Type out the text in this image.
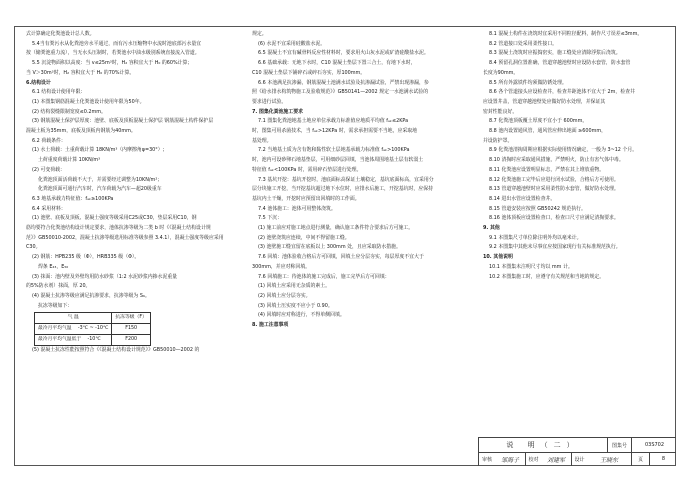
式计算确定化粪池设计总人数。

5.4当有粪污水从化粪池旁水平通过，而有污水压缩物中水流时池底部污水量宜

按（储粪池重力流），当无水头压制时，若粪池水中油水级别系统直接流入管道。

5.5 沉淀物面积以高度：当 v≤25m³时，H₂ 容积宜大于 H₀ 的60%计算；

当 V＞30m³时，H₂ 容积宜大于 H₀ 的70%计算。

6.结构设计

6.1 结构设计使用年限：

(1) 本图集钢筋混凝土化粪池设计使用年限为50年。

(2) 结构裂缝限制宽度≤0.2mm。

(3) 钢筋混凝土保护层厚度：池壁、底板及顶板混凝土保护层 钢筋混凝土构件保护层

混凝土板为35mm，底板及顶板内钢筋为40mm。

6.2 荷载条件：

(1) 水土荷载：土重荷载计算 18KN/m³（内摩擦角φ=30°）;

土荷重度荷载计算 10KN/m³

(2) 可变荷载：

化粪池顶面活荷载不大于，并需要经过调整为10KN/m²；

化粪池顶面可通行汽车时，汽车荷载为汽车—超20级重车

6.3 地基承载力特征值：fₐₖ≥100KPa

6.4 采用材料：

(1) 池壁、底板及顶板、混凝土强度等级采用C25或C30，垫层采用C10，钢

筋均要符合化粪池结构设计规定要求，池体抗渗等级为二类 b 时《《混凝土结构设计规

范》》GB50010-2002，混凝土抗渗等级选用标准等级参照 3.4.1），混凝土强度等级应采用

C30。

(2) 钢筋：HPB235 级（Φ），HRB335 级（Φ）。

焊条 E₄₃，E₅₀

(3) 抹面：池内壁及外壁均用防水砂浆（1:2 水泥砂浆内掺水泥重量

的5%防水剂）抹面，厚 20。

(4) 混凝土抗渗等级应满足抗渗要求，抗渗等级为 S₆。

抗冻等级如下：

气 温	抗冻等级（F）
最冷月平均气温 　-3℃ ~ -10℃	F150
最冷月平均气温低于 　-10℃	F200

(5) 混凝土抗冻性能按照符合《《混凝土结构设计规范》》GB50010—2002 的

规定。

(6) 水泥不宜采用硅酸盐水泥。

6.5 混凝土不宜有碱骨料反应性材料时，要求用火山灰水泥或矿渣硅酸盐水泥。

6.6 基础承载：无地下水时，C10 混凝土垫层下置三合土，有地下水时，

C10 混凝土垫层下铺碎石或碎石夯实，厚100mm。

6.6 本池满足抗渗漏，钢筋混凝土池满水试验及抗渗漏试验，严禁出现渗漏，参

照《给水排水构筑物施工及验收规范》》GB50141—2002 规定一水池满水试验的

要求进行试验。

7. 图集化粪池施工要求

7.1 图集化粪池地基土地应单位承载力标准值应地质平均值 fₐₖ≤2KPa

时，图集可用杀菌技术，当 fₐₖ>12KPa 时，需求承担需要不当地，应采取地

基处理。

7.2 当地基土质为含有饱和黏性软土层地基承载力标准值 fₐₖ>100KPa

时，池内可设砂卵石地基垫层，可用细砂层回填，当池体周围地基土层有软弱土

特征值 fₐₖ<100KPa 时，需用碎石垫层进行处理。

7.3 基坑开挖：基坑开挖时，池底面标高保证土壤稳定，基坑底面标高，宜采用分

层分块施工开挖，当开挖基坑超过地下水位时，应排水后施工，开挖基坑时，应保持

基坑内土干燥，开挖时应预留出回填时的工作面。

7.4 池体施工：池体可用整体浇筑。

7.5 下沉：

(1) 施工前应对施工地点进行测量，确认施工条件符合要求后方可施工。

(2) 池壁浇筑应连续，中间不得留施工缝。

(3) 池壁施工缝宜留在底板以上 300mm 处，且应采取防水措施。

7.6 回填：池体验收合格后方可回填，回填土应分层夯实，每层厚度不宜大于

300mm，并应对称回填。

7.6 回填施工：待池体的施工完成后，施工完毕后方可回填：

(1) 回填土应采用无杂质的素土。

(2) 回填土应分层夯实。

(3) 回填土压实度不应小于 0.90。

(4) 回填时应对称进行，不得单侧回填。

8. 施工注意事项

8.1 混凝土构件在浇筑时宜采用不同粒径配料，制作尺寸误差≤3mm。

8.2 管道接口处采用柔性接口。

8.3 混凝土浇筑时应振捣密实，施工缝处应清除浮浆后浇筑。

8.4 预留孔洞位置准确，管道穿越池壁时应设防水套管，防水套管

长度为90mm。

8.5 所有外露铁件均须做防锈处理。

8.6 各个管道接头应设检查井，检查井距池体不宜大于 2m，检查井

应设置井盖，管道穿越池壁处应做好防水处理，并保证其

密封性能良好。

8.7 化粪池顶板覆土厚度不宜小于 600mm。

8.8 池内设置通风管，通风管应伸出地面 ≥600mm，

并设防护罩。

8.9 化粪池清掏周期应根据实际使用情况确定，一般为 3~12 个月。

8.10 清掏时应采取通风措施，严禁明火，防止有害气体中毒。

8.11 化粪池应设置明显标志，严禁在其上堆放重物。

8.12 化粪池施工完毕后应进行闭水试验，合格后方可使用。

8.13 管道穿越池壁时应采用柔性防水套管，做好防水处理。

8.14 进出水管应设置检查井。

8.15 管道安装应按照 GB50242 规范执行。

8.16 池体顶板应设置检查口，检查口尺寸应满足清掏要求。

9. 其他

9.1 本图集尺寸单位除注明外均以毫米计。

9.2 本图集中其他未尽事宜应按国家现行有关标准规范执行。

10. 其他说明

10.1 本图集未注明尺寸均以 mm 计。

10.2 本图集施工时，应遵守有关规范和当地的规定。

说 明（二）	图集号	03S702
审核	邹海子	校对	刘建军	设计	王晓东	页	8
